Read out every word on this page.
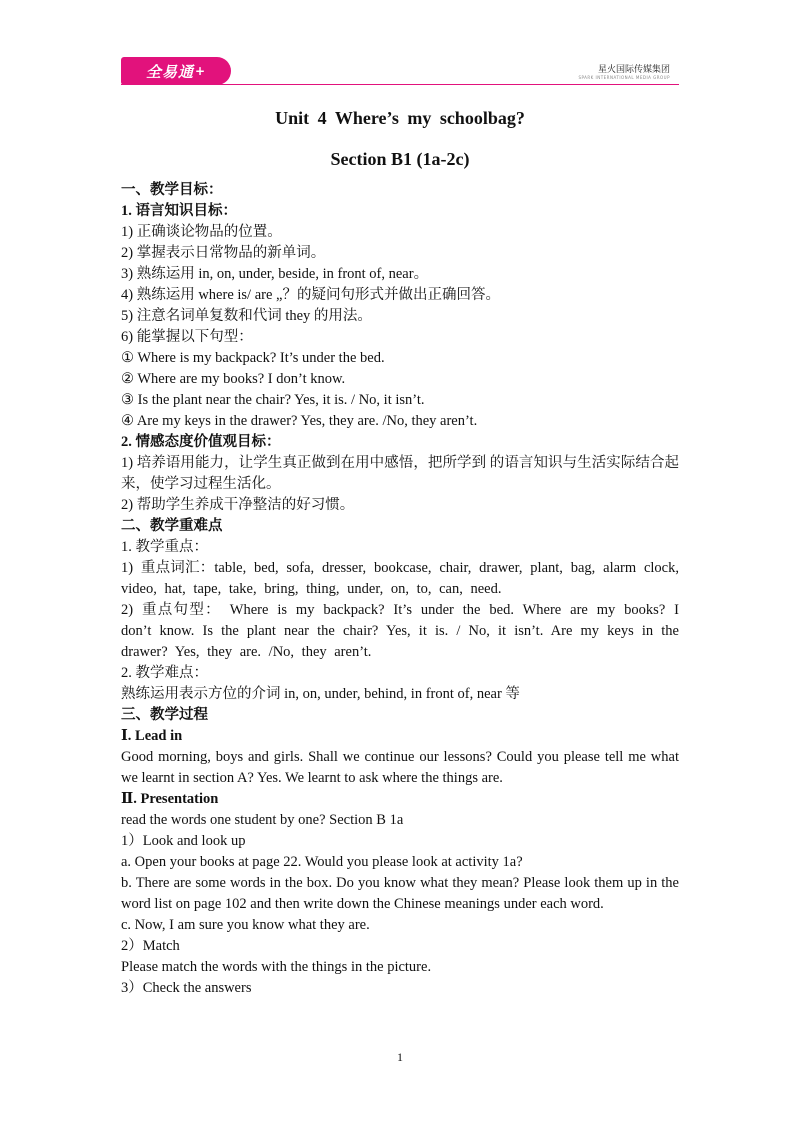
全易通 +	星火国际传媒集团
SPARK INTERNATIONAL MEDIA GROUP
Unit 4 Where’s my schoolbag?
Section B1 (1a-2c)
一、教学目标：
1. 语言知识目标：
1) 正确谈论物品的位置。
2) 掌握表示日常物品的新单词。
3) 熟练运用 in, on, under, beside, in front of, near。
4) 熟练运用 where is/ are „？的疑问句形式并做出正确回答。
5) 注意名词单复数和代词 they 的用法。
6) 能掌握以下句型：
① Where is my backpack? It’s under the bed.
② Where are my books? I don’t know.
③ Is the plant near the chair? Yes, it is. / No, it isn’t.
④ Are my keys in the drawer? Yes, they are. /No, they aren’t.
2. 情感态度价值观目标：
1) 培养语用能力，让学生真正做到在用中感悟，把所学到 的语言知识与生活实际结合起来，使学习过程生活化。
2) 帮助学生养成干净整洁的好习惯。
二、教学重难点
1. 教学重点：
1) 重点词汇：table, bed, sofa, dresser, bookcase, chair, drawer, plant, bag, alarm clock, video, hat, tape, take, bring, thing, under, on, to, can, need.
2) 重点句型： Where is my backpack? It’s under the bed. Where are my books? I don’t know. Is the plant near the chair? Yes, it is. / No, it isn’t. Are my keys in the drawer? Yes, they are. /No, they aren’t.
2. 教学难点：
熟练运用表示方位的介词 in, on, under, behind, in front of, near 等
三、教学过程
Ⅰ. Lead in
Good morning, boys and girls. Shall we continue our lessons? Could you please tell me what we learnt in section A? Yes. We learnt to ask where the things are.
Ⅱ. Presentation
read the words one student by one? Section B 1a
1）Look and look up
a. Open your books at page 22. Would you please look at activity 1a?
b. There are some words in the box. Do you know what they mean? Please look them up in the word list on page 102 and then write down the Chinese meanings under each word.
c. Now, I am sure you know what they are.
2）Match
Please match the words with the things in the picture.
3）Check the answers
1
